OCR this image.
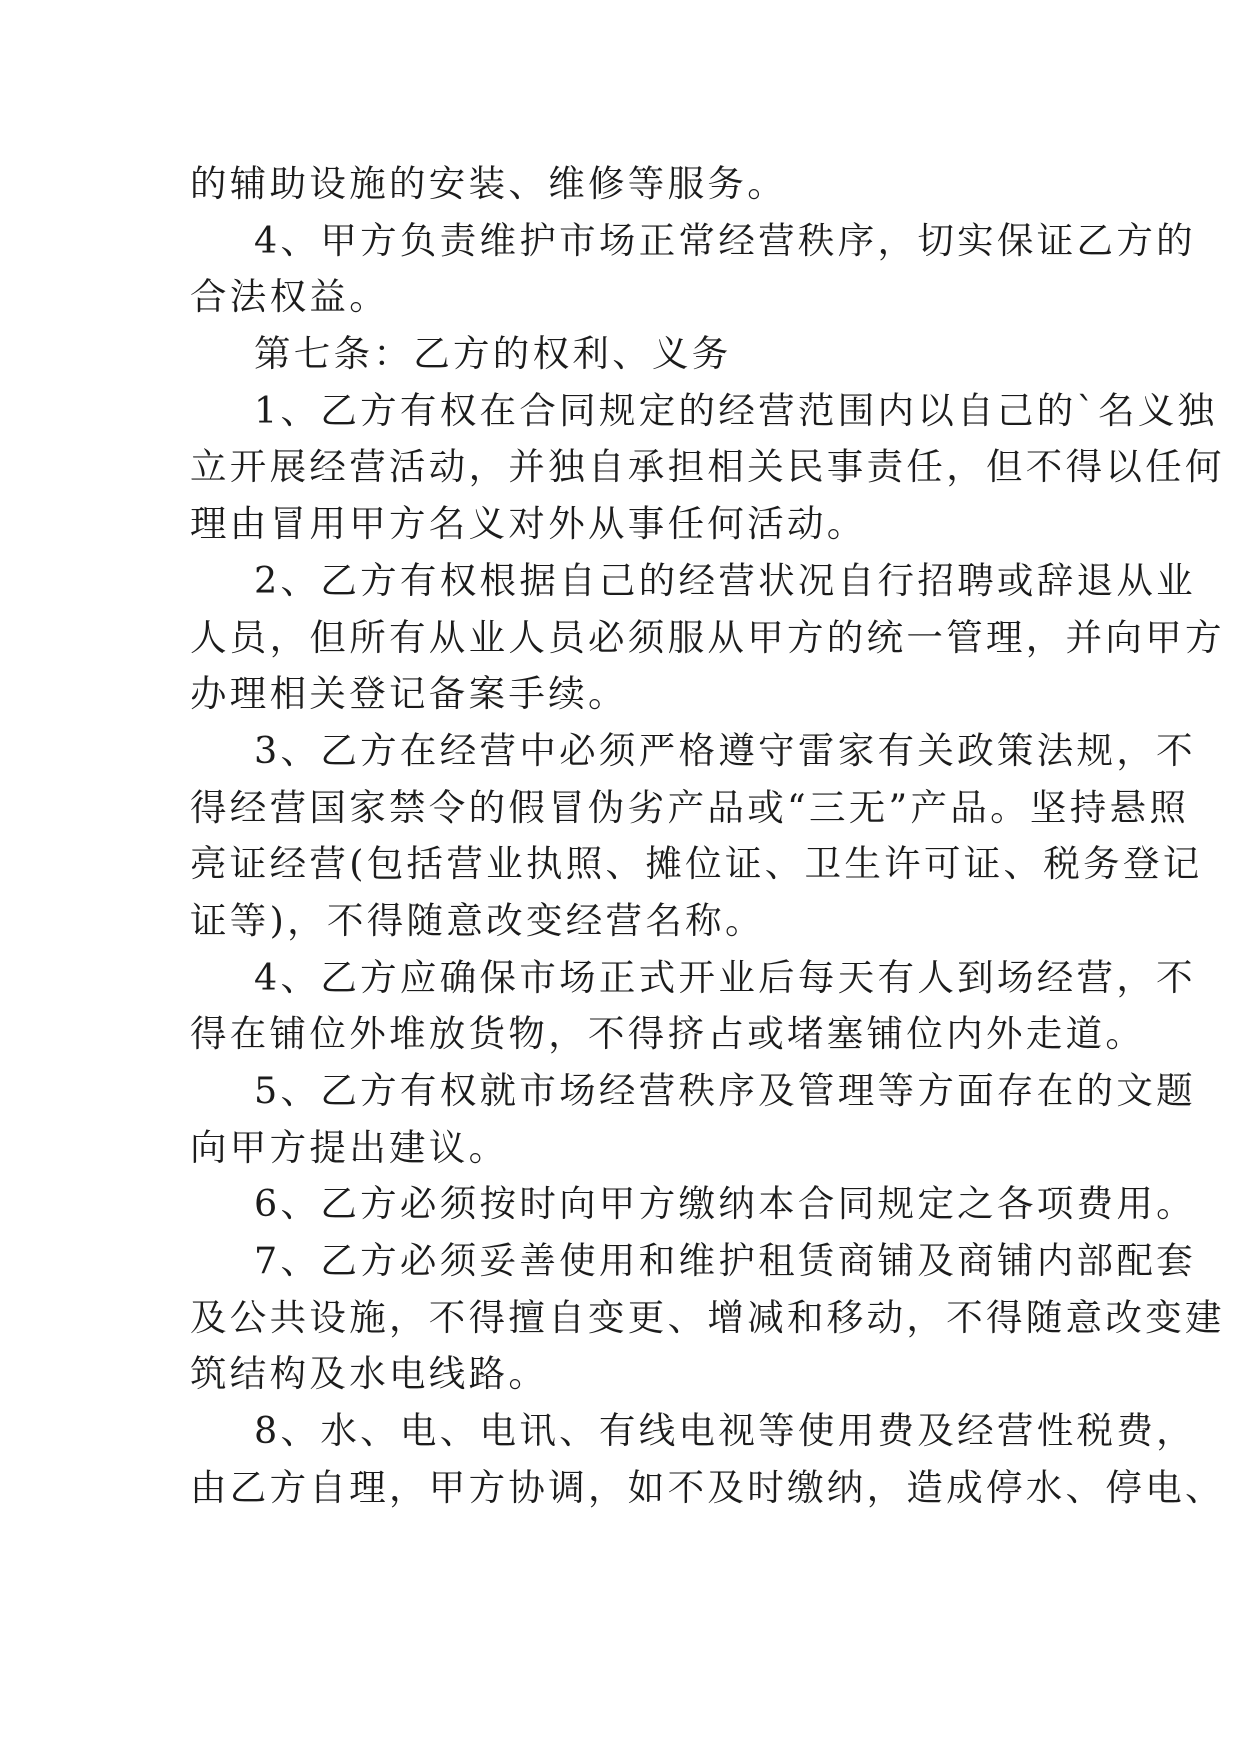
的辅助设施的安装、维修等服务。
4、甲方负责维护市场正常经营秩序，切实保证乙方的
合法权益。
第七条：乙方的权利、义务
1、乙方有权在合同规定的经营范围内以自己的`名义独
立开展经营活动，并独自承担相关民事责任，但不得以任何
理由冒用甲方名义对外从事任何活动。
2、乙方有权根据自己的经营状况自行招聘或辞退从业
人员，但所有从业人员必须服从甲方的统一管理，并向甲方
办理相关登记备案手续。
3、乙方在经营中必须严格遵守雷家有关政策法规，不
得经营国家禁令的假冒伪劣产品或“三无”产品。坚持悬照
亮证经营(包括营业执照、摊位证、卫生许可证、税务登记
证等)，不得随意改变经营名称。
4、乙方应确保市场正式开业后每天有人到场经营，不
得在铺位外堆放货物，不得挤占或堵塞铺位内外走道。
5、乙方有权就市场经营秩序及管理等方面存在的文题
向甲方提出建议。
6、乙方必须按时向甲方缴纳本合同规定之各项费用。
7、乙方必须妥善使用和维护租赁商铺及商铺内部配套
及公共设施，不得擅自变更、增减和移动，不得随意改变建
筑结构及水电线路。
8、水、电、电讯、有线电视等使用费及经营性税费，
由乙方自理，甲方协调，如不及时缴纳，造成停水、停电、
